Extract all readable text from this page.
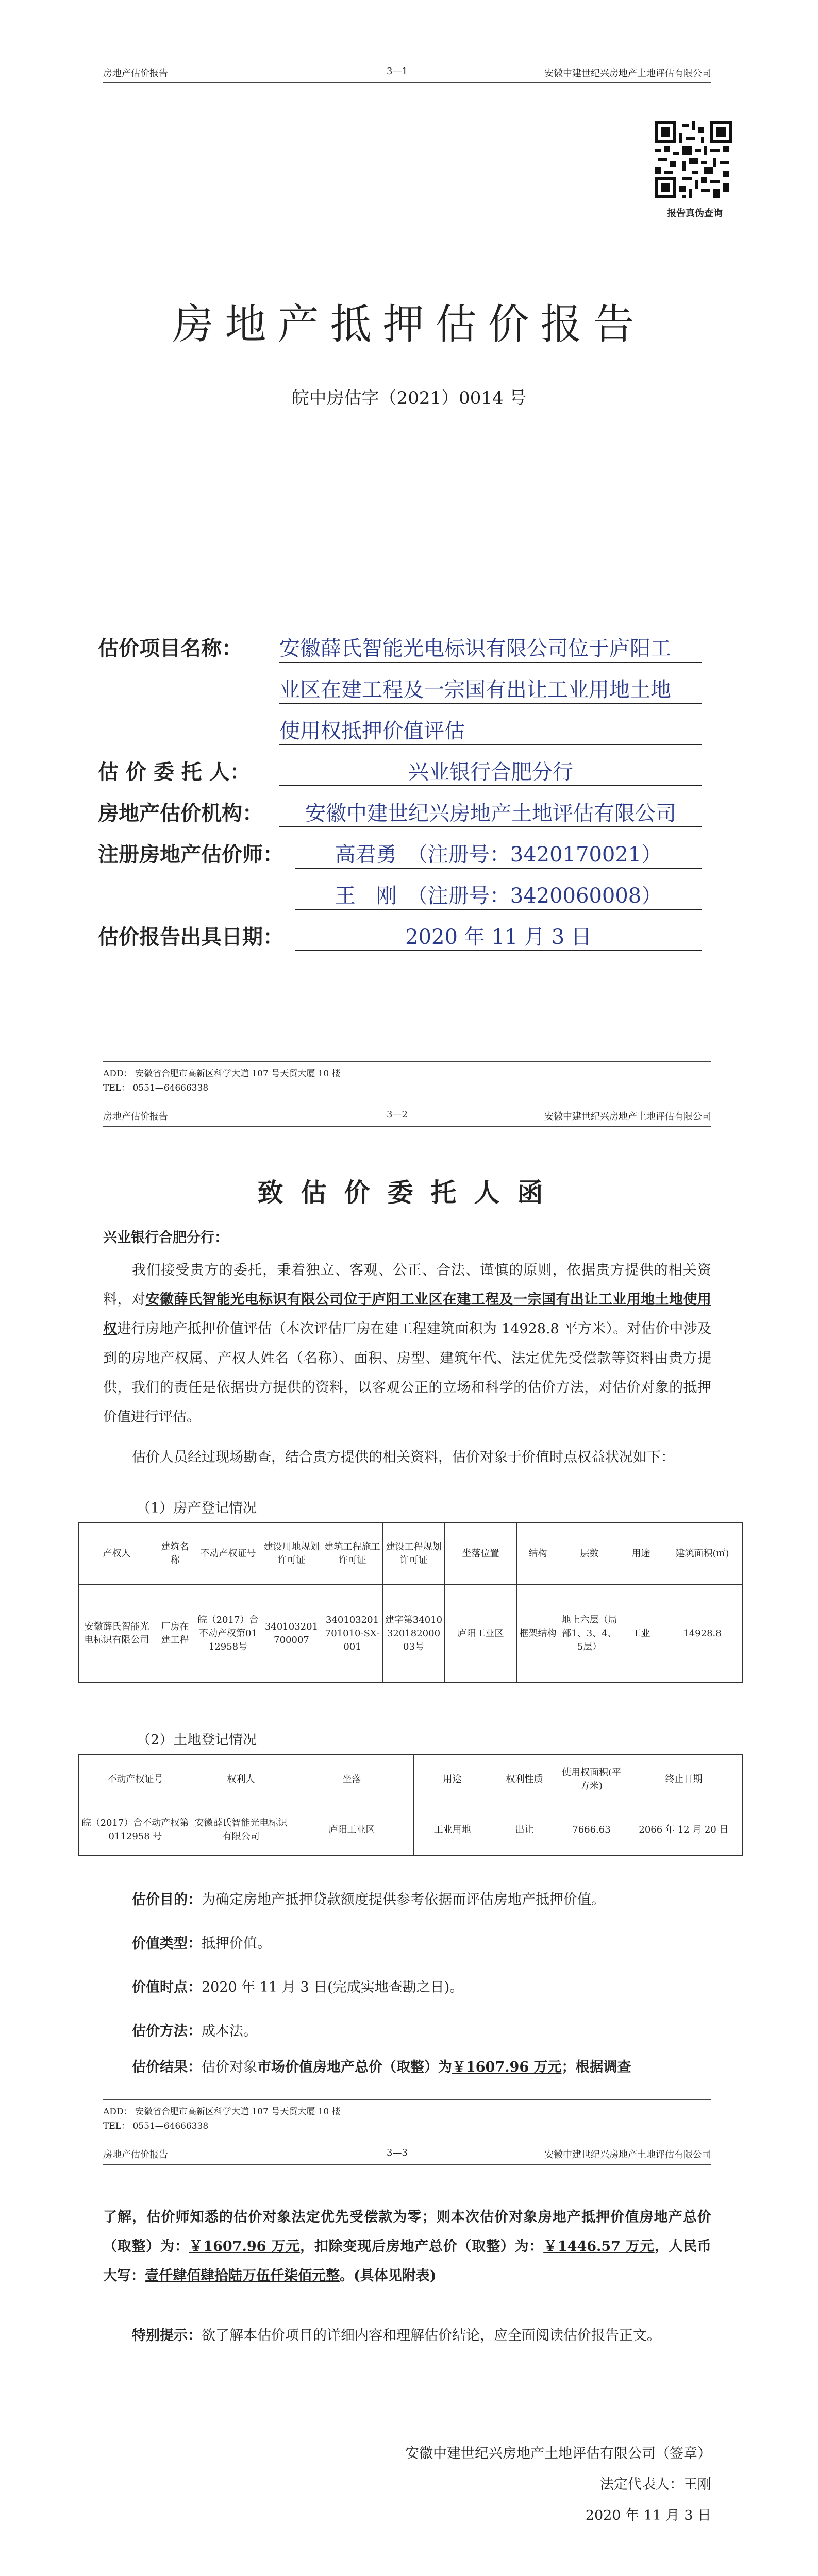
房地产估价报告	3—1	安徽中建世纪兴房地产土地评估有限公司
报告真伪查询
房地产抵押估价报告
皖中房估字（2021）0014 号
估价项目名称： 安徽薛氏智能光电标识有限公司位于庐阳工
业区在建工程及一宗国有出让工业用地土地
使用权抵押价值评估
估 价 委 托 人：	兴业银行合肥分行
房地产估价机构：	安徽中建世纪兴房地产土地评估有限公司
注册房地产估价师：	高君勇　（注册号：3420170021）
王　刚　（注册号：3420060008）
估价报告出具日期：	2020 年 11 月 3 日
ADD： 安徽省合肥市高新区科学大道 107 号天贸大厦 10 楼
TEL： 0551—64666338
房地产估价报告	3—2	安徽中建世纪兴房地产土地评估有限公司
致估价委托人函
兴业银行合肥分行：
我们接受贵方的委托，秉着独立、客观、公正、合法、谨慎的原则，依据贵方提供的相关资料，对安徽薛氏智能光电标识有限公司位于庐阳工业区在建工程及一宗国有出让工业用地土地使用权进行房地产抵押价值评估（本次评估厂房在建工程建筑面积为 14928.8 平方米）。对估价中涉及到的房地产权属、产权人姓名（名称）、面积、房型、建筑年代、法定优先受偿款等资料由贵方提供，我们的责任是依据贵方提供的资料，以客观公正的立场和科学的估价方法，对估价对象的抵押价值进行评估。
估价人员经过现场勘查，结合贵方提供的相关资料，估价对象于价值时点权益状况如下：
（1）房产登记情况
产权人	建筑名称	不动产权证号	建设用地规划许可证	建筑工程施工许可证	建设工程规划许可证	坐落位置	结构	层数	用途	建筑面积(㎡)
安徽薛氏智能光电标识有限公司	厂房在建工程	皖（2017）合不动产权第0112958号	340103201700007	340103201701010-SX-001	建字第3401032018200003号	庐阳工业区	框架结构	地上六层（局部1、3、4、5层）	工业	14928.8
（2）土地登记情况
不动产权证号	权利人	坐落	用途	权利性质	使用权面积(平方米)	终止日期
皖（2017）合不动产权第 0112958 号	安徽薛氏智能光电标识有限公司	庐阳工业区	工业用地	出让	7666.63	2066 年 12 月 20 日
估价目的：为确定房地产抵押贷款额度提供参考依据而评估房地产抵押价值。
价值类型：抵押价值。
价值时点：2020 年 11 月 3 日(完成实地查勘之日)。
估价方法：成本法。
估价结果：估价对象市场价值房地产总价（取整）为￥1607.96 万元；根据调查
ADD： 安徽省合肥市高新区科学大道 107 号天贸大厦 10 楼
TEL： 0551—64666338
房地产估价报告	3—3	安徽中建世纪兴房地产土地评估有限公司
了解，估价师知悉的估价对象法定优先受偿款为零；则本次估价对象房地产抵押价值房地产总价（取整）为：￥1607.96 万元，扣除变现后房地产总价（取整）为：￥1446.57 万元，人民币大写：壹仟肆佰肆拾陆万伍仟柒佰元整。(具体见附表)
特别提示：欲了解本估价项目的详细内容和理解估价结论，应全面阅读估价报告正文。
安徽中建世纪兴房地产土地评估有限公司（签章）
法定代表人：王刚
2020 年 11 月 3 日
